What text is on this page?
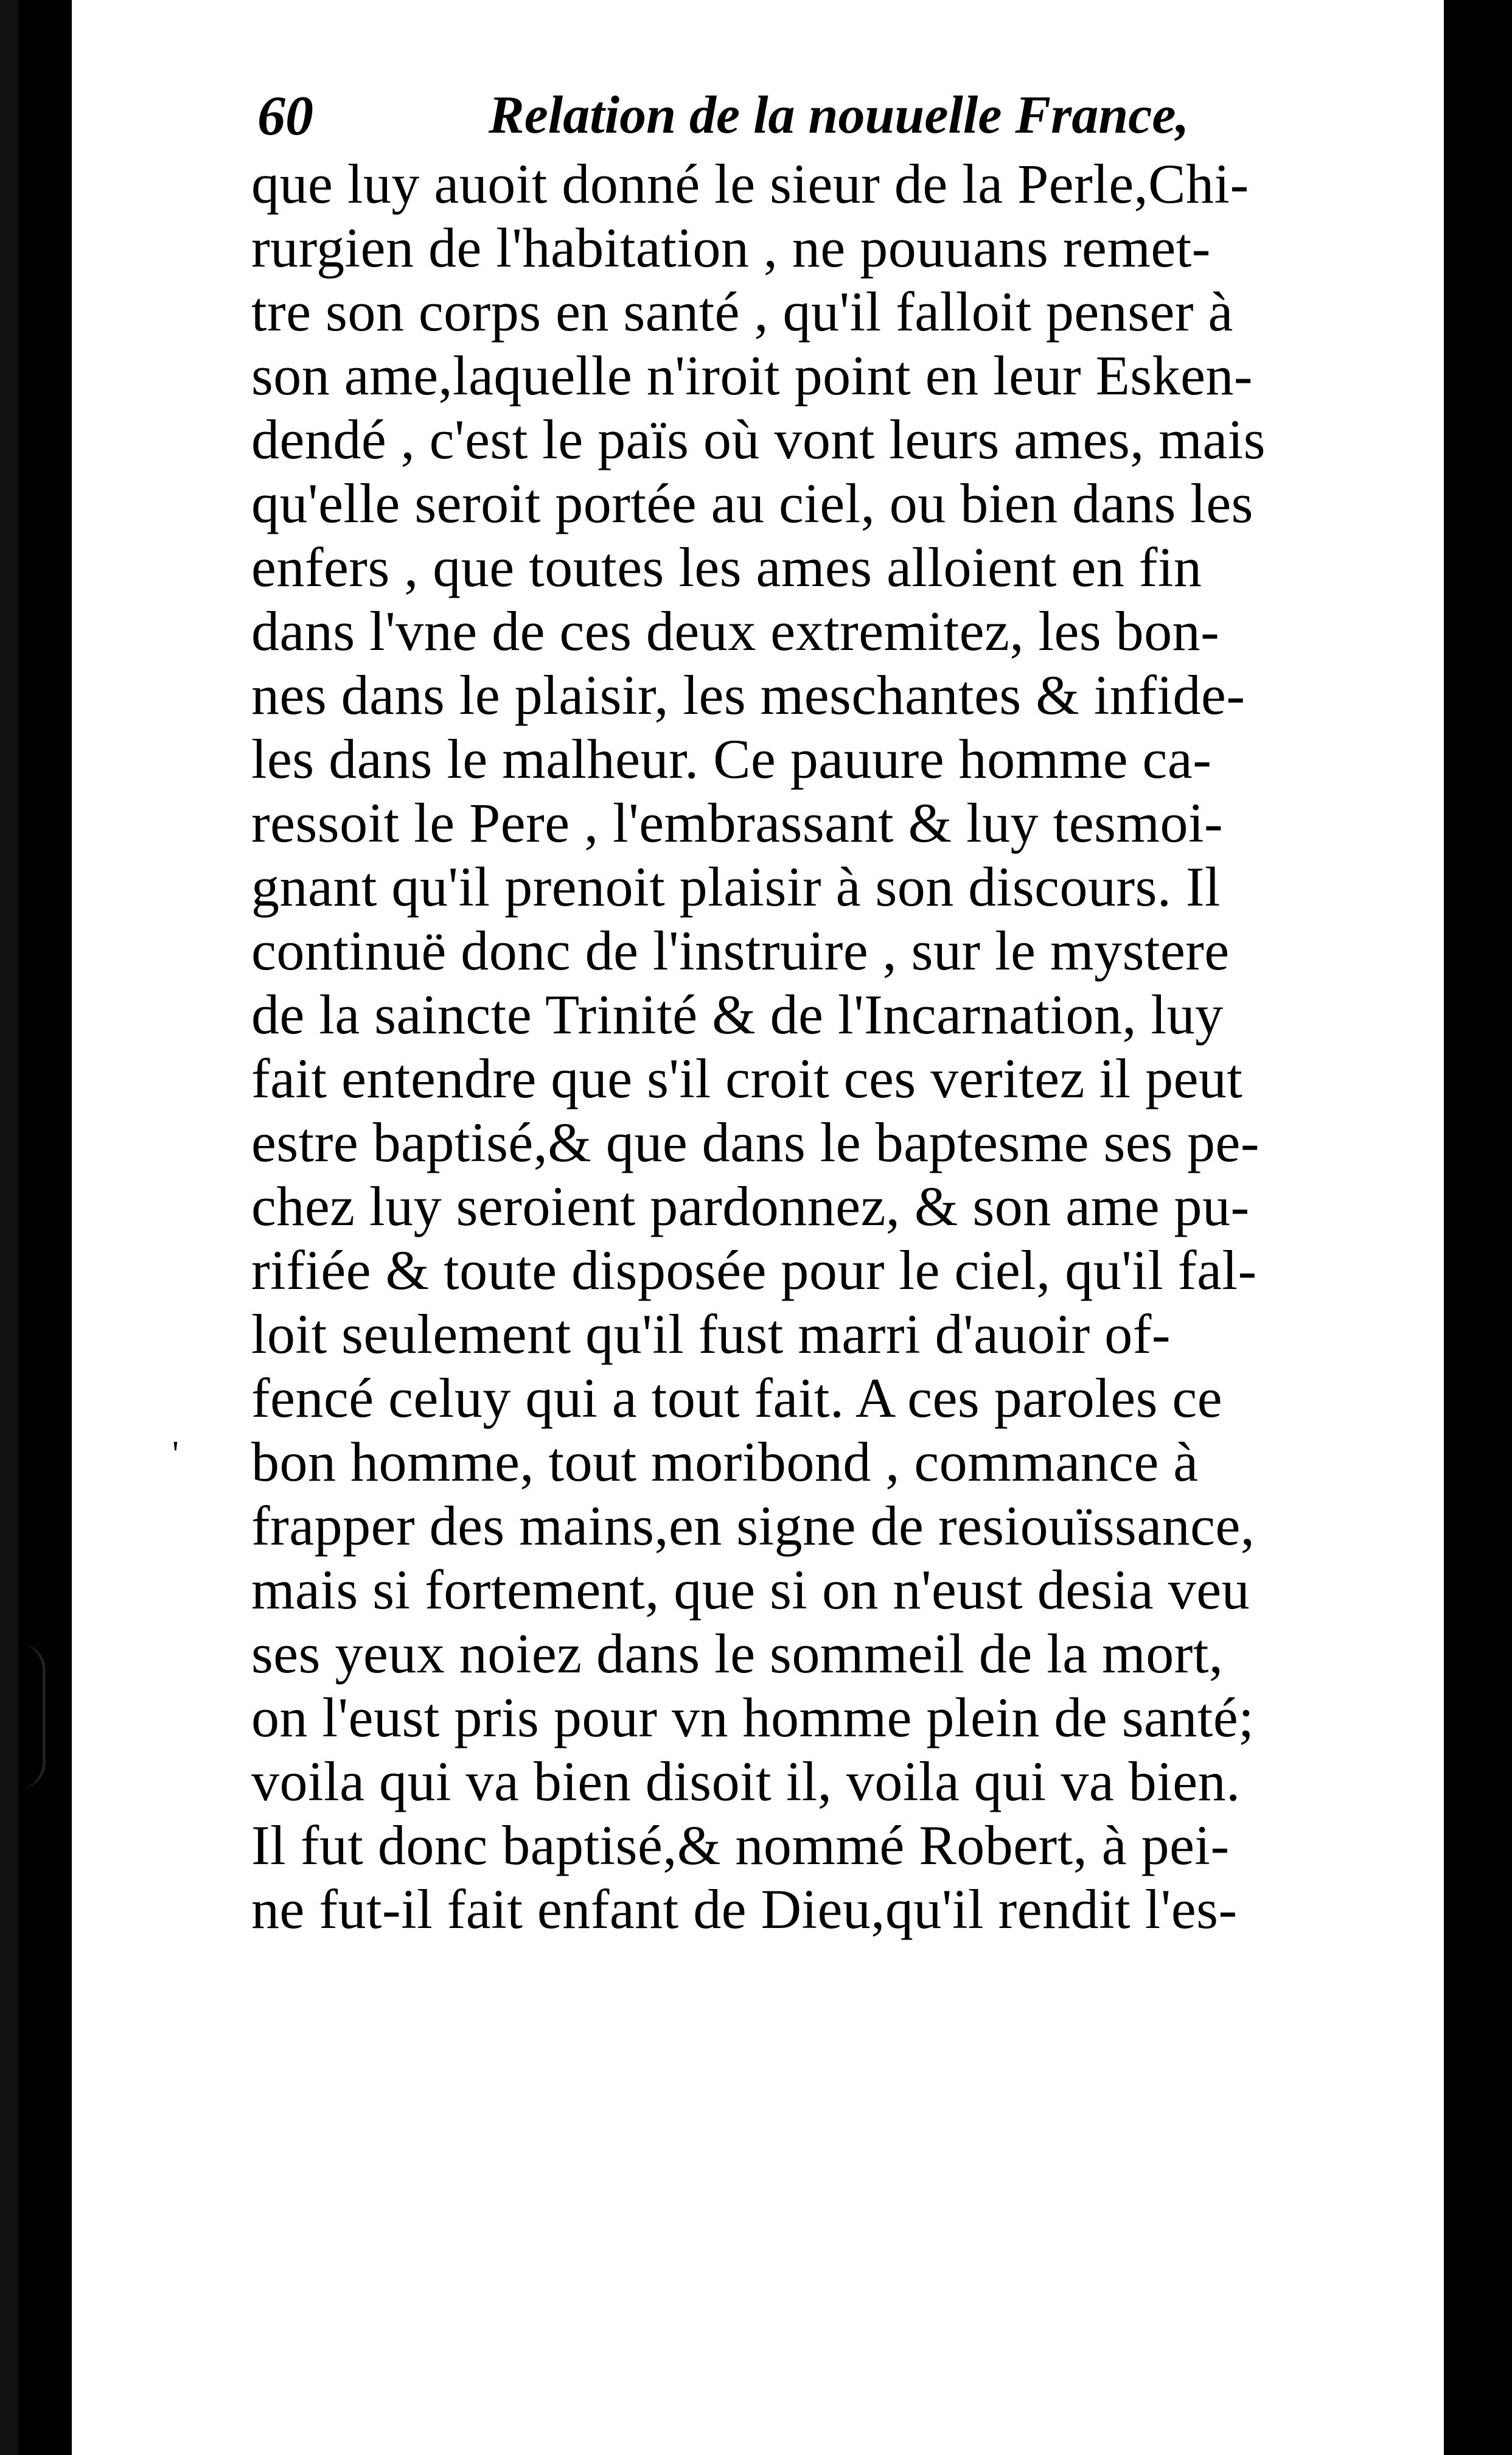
60	Relation de la nouuelle France,
que luy auoit donné le sieur de la Perle,Chi-
rurgien de l'habitation , ne pouuans remet-
tre son corps en santé , qu'il falloit penser à
son ame,laquelle n'iroit point en leur Esken-
dendé , c'est le païs où vont leurs ames, mais
qu'elle seroit portée au ciel, ou bien dans les
enfers , que toutes les ames alloient en fin
dans l'vne de ces deux extremitez, les bon-
nes dans le plaisir, les meschantes & infide-
les dans le malheur. Ce pauure homme ca-
ressoit le Pere , l'embrassant & luy tesmoi-
gnant qu'il prenoit plaisir à son discours. Il
continuë donc de l'instruire , sur le mystere
de la saincte Trinité & de l'Incarnation, luy
fait entendre que s'il croit ces veritez il peut
estre baptisé,& que dans le baptesme ses pe-
chez luy seroient pardonnez, & son ame pu-
rifiée & toute disposée pour le ciel, qu'il fal-
loit seulement qu'il fust marri d'auoir of-
fencé celuy qui a tout fait. A ces paroles ce
bon homme, tout moribond , commance à
frapper des mains,en signe de resiouïssance,
mais si fortement, que si on n'eust desia veu
ses yeux noiez dans le sommeil de la mort,
on l'eust pris pour vn homme plein de santé;
voila qui va bien disoit il, voila qui va bien.
Il fut donc baptisé,& nommé Robert, à pei-
ne fut-il fait enfant de Dieu,qu'il rendit l'es-
'
